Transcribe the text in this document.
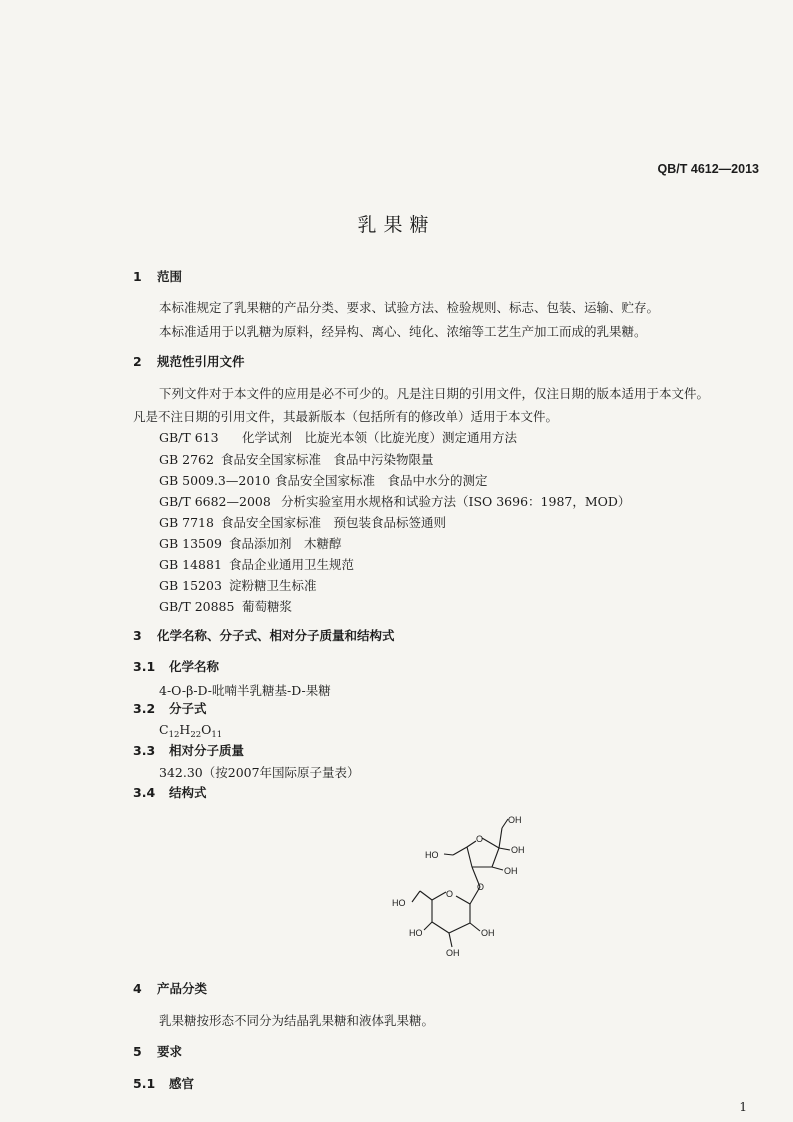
QB/T 4612—2013
乳果糖
1 范围
本标准规定了乳果糖的产品分类、要求、试验方法、检验规则、标志、包装、运输、贮存。
本标准适用于以乳糖为原料，经异构、离心、纯化、浓缩等工艺生产加工而成的乳果糖。
2 规范性引用文件
下列文件对于本文件的应用是必不可少的。凡是注日期的引用文件，仅注日期的版本适用于本文件。
凡是不注日期的引用文件，其最新版本（包括所有的修改单）适用于本文件。
GB/T 613 化学试剂　比旋光本领（比旋光度）测定通用方法
GB 2762 食品安全国家标准　食品中污染物限量
GB 5009.3—2010 食品安全国家标准　食品中水分的测定
GB/T 6682—2008 分析实验室用水规格和试验方法（ISO 3696：1987，MOD）
GB 7718 食品安全国家标准　预包装食品标签通则
GB 13509 食品添加剂　木糖醇
GB 14881 食品企业通用卫生规范
GB 15203 淀粉糖卫生标准
GB/T 20885 葡萄糖浆
3 化学名称、分子式、相对分子质量和结构式
3.1 化学名称
4-O-β-D-吡喃半乳糖基-D-果糖
3.2 分子式
$C_{12}H_{22}O_{11}$
3.3 相对分子质量
342.30（按2007年国际原子量表）
3.4 结构式
OH
OH
OH
O
HO
O
O
HO
HO	OH
OH
4 产品分类
乳果糖按形态不同分为结晶乳果糖和液体乳果糖。
5 要求
5.1 感官
1
